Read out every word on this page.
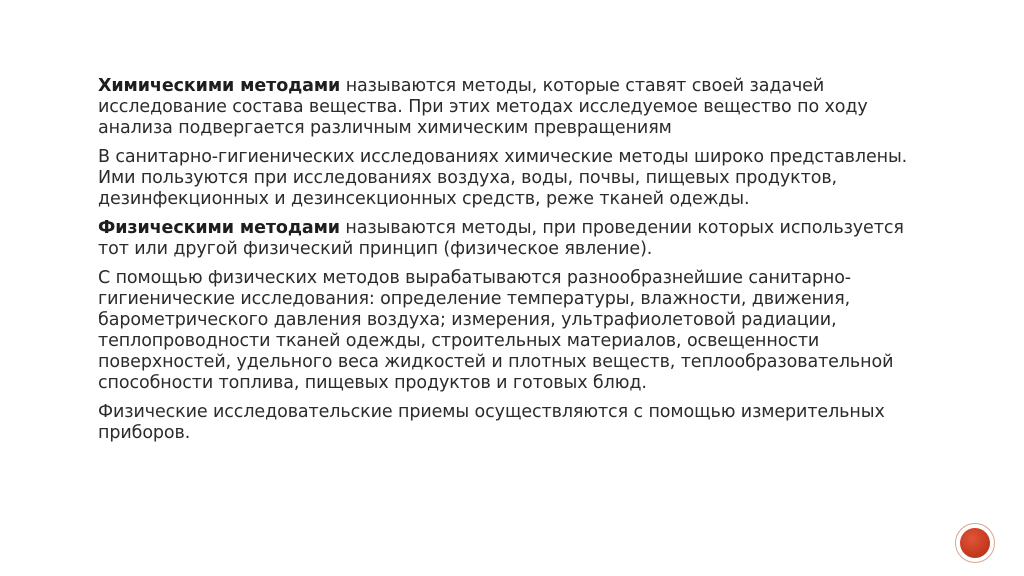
Химическими методами называются методы, которые ставят своей задачей исследование состава вещества. При этих методах исследуемое вещество по ходу анализа подвергается различным химическим превращениям

В санитарно-гигиенических исследованиях химические методы широко представлены. Ими пользуются при исследованиях воздуха, воды, почвы, пищевых продуктов, дезинфекционных и дезинсекционных средств, реже тканей одежды.

Физическими методами называются методы, при проведении которых используется тот или другой физический принцип (физическое явление).

С помощью физических методов вырабатываются разнообразнейшие санитарно-гигиенические исследования: определение температуры, влажности, движения, барометрического давления воздуха; измерения, ультрафиолетовой радиации, теплопроводности тканей одежды, строительных материалов, освещенности поверхностей, удельного веса жидкостей и плотных веществ, теплообразовательной способности топлива, пищевых продуктов и готовых блюд.

Физические исследовательские приемы осуществляются с помощью измерительных приборов.
